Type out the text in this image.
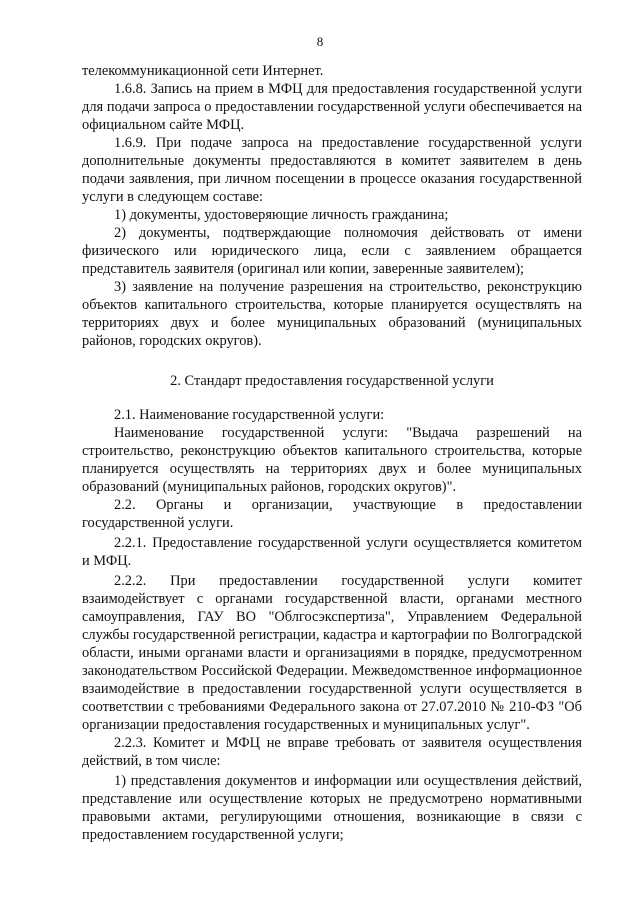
8

телекоммуникационной сети Интернет.

1.6.8. Запись на прием в МФЦ для предоставления государственной услуги для подачи запроса о предоставлении государственной услуги обеспечивается на официальном сайте МФЦ.

1.6.9. При подаче запроса на предоставление государственной услуги дополнительные документы предоставляются в комитет заявителем в день подачи заявления, при личном посещении в процессе оказания государственной услуги в следующем составе:

1) документы, удостоверяющие личность гражданина;

2) документы, подтверждающие полномочия действовать от имени физического или юридического лица, если с заявлением обращается представитель заявителя (оригинал или копии, заверенные заявителем);

3) заявление на получение разрешения на строительство, реконструкцию объектов капитального строительства, которые планируется осуществлять на территориях двух и более муниципальных образований (муниципальных районов, городских округов).

2. Стандарт предоставления государственной услуги

2.1. Наименование государственной услуги:

Наименование государственной услуги: "Выдача разрешений на строительство, реконструкцию объектов капитального строительства, которые планируется осуществлять на территориях двух и более муниципальных образований (муниципальных районов, городских округов)".

2.2. Органы и организации, участвующие в предоставлении государственной услуги.

2.2.1. Предоставление государственной услуги осуществляется комитетом и МФЦ.

2.2.2. При предоставлении государственной услуги комитет взаимодействует с органами государственной власти, органами местного самоуправления, ГАУ ВО "Облгосэкспертиза", Управлением Федеральной службы государственной регистрации, кадастра и картографии по Волгоградской области, иными органами власти и организациями в порядке, предусмотренном законодательством Российской Федерации. Межведомственное информационное взаимодействие в предоставлении государственной услуги осуществляется в соответствии с требованиями Федерального закона от 27.07.2010 № 210-ФЗ "Об организации предоставления государственных и муниципальных услуг".

2.2.3. Комитет и МФЦ не вправе требовать от заявителя осуществления действий, в том числе:

1) представления документов и информации или осуществления действий, представление или осуществление которых не предусмотрено нормативными правовыми актами, регулирующими отношения, возникающие в связи с предоставлением государственной услуги;
